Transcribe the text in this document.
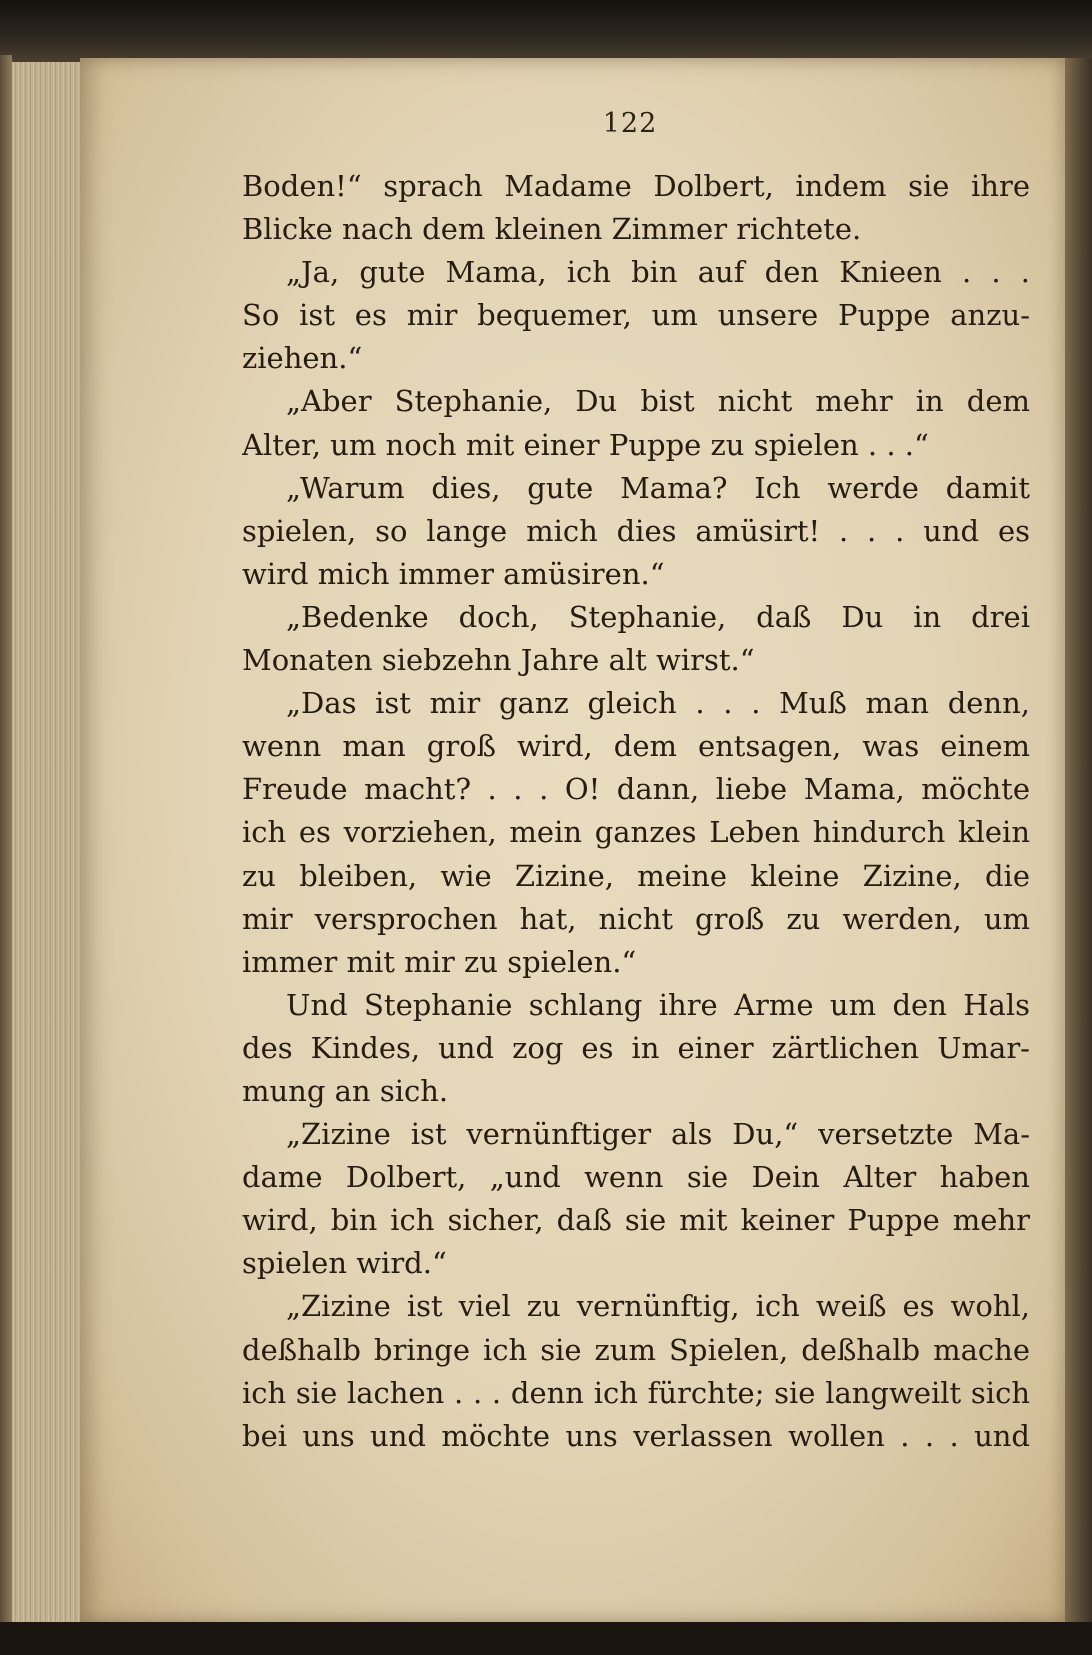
122
Boden!“ sprach Madame Dolbert, indem sie ihre
Blicke nach dem kleinen Zimmer richtete.
„Ja, gute Mama, ich bin auf den Knieen . . .
So ist es mir bequemer, um unsere Puppe anzu-
ziehen.“
„Aber Stephanie, Du bist nicht mehr in dem
Alter, um noch mit einer Puppe zu spielen . . .“
„Warum dies, gute Mama? Ich werde damit
spielen, so lange mich dies amüsirt! . . . und es
wird mich immer amüsiren.“
„Bedenke doch, Stephanie, daß Du in drei
Monaten siebzehn Jahre alt wirst.“
„Das ist mir ganz gleich . . . Muß man denn,
wenn man groß wird, dem entsagen, was einem
Freude macht? . . . O! dann, liebe Mama, möchte
ich es vorziehen, mein ganzes Leben hindurch klein
zu bleiben, wie Zizine, meine kleine Zizine, die
mir versprochen hat, nicht groß zu werden, um
immer mit mir zu spielen.“
Und Stephanie schlang ihre Arme um den Hals
des Kindes, und zog es in einer zärtlichen Umar-
mung an sich.
„Zizine ist vernünftiger als Du,“ versetzte Ma-
dame Dolbert, „und wenn sie Dein Alter haben
wird, bin ich sicher, daß sie mit keiner Puppe mehr
spielen wird.“
„Zizine ist viel zu vernünftig, ich weiß es wohl,
deßhalb bringe ich sie zum Spielen, deßhalb mache
ich sie lachen . . . denn ich fürchte; sie langweilt sich
bei uns und möchte uns verlassen wollen . . . und
